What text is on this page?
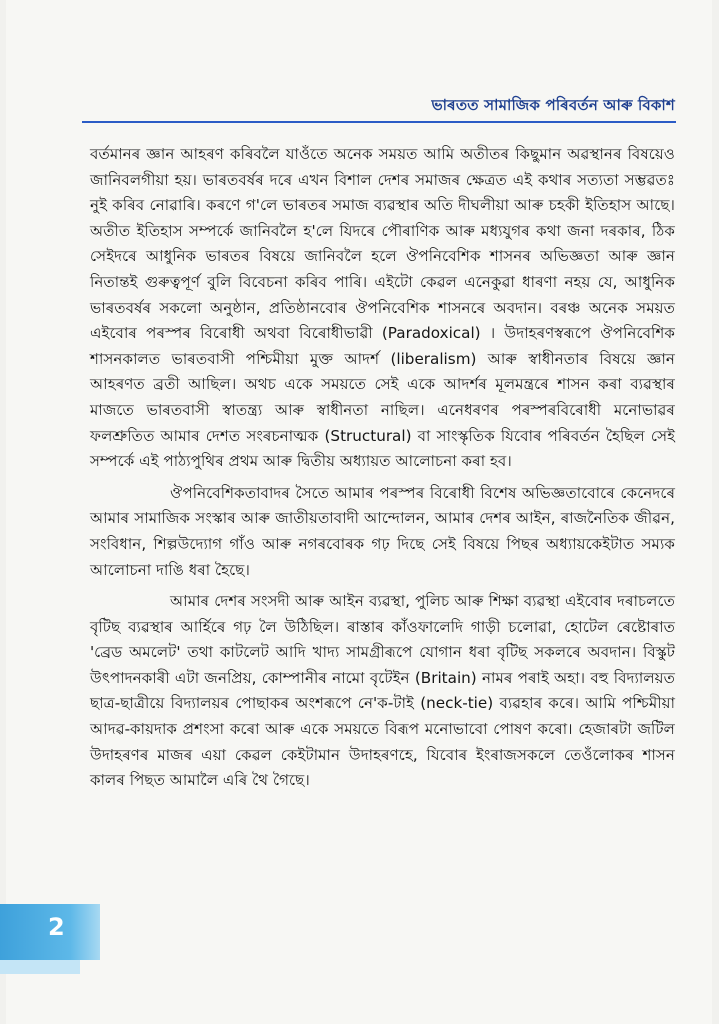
ভাৰতত সামাজিক পৰিবৰ্তন আৰু বিকাশ

বৰ্তমানৰ জ্ঞান আহৰণ কৰিবলৈ যাওঁতে অনেক সময়ত আমি অতীতৰ কিছুমান অৱস্থানৰ বিষয়েও জানিবলগীয়া হয়। ভাৰতবৰ্ষৰ দৰে এখন বিশাল দেশৰ সমাজৰ ক্ষেত্ৰত এই কথাৰ সত্যতা সম্ভৱতঃ নুই কৰিব নোৱাৰি। কৰণে গ'লে ভাৰতৰ সমাজ ব্যৱস্থাৰ অতি দীঘলীয়া আৰু চহকী ইতিহাস আছে। অতীত ইতিহাস সম্পৰ্কে জানিবলৈ হ'লে যিদৰে পৌৰাণিক আৰু মধ্যযুগৰ কথা জনা দৰকাৰ, ঠিক সেইদৰে আধুনিক ভাৰতৰ বিষয়ে জানিবলৈ হলে ঔপনিবেশিক শাসনৰ অভিজ্ঞতা আৰু জ্ঞান নিতান্তই গুৰুত্বপূৰ্ণ বুলি বিবেচনা কৰিব পাৰি। এইটো কেৱল এনেকুৱা ধাৰণা নহয় যে, আধুনিক ভাৰতবৰ্ষৰ সকলো অনুষ্ঠান, প্ৰতিষ্ঠানবোৰ ঔপনিবেশিক শাসনৰে অবদান। বৰঞ্চ অনেক সময়ত এইবোৰ পৰস্পৰ বিৰোধী অথবা বিৰোধীভাৱী (Paradoxical) । উদাহৰণস্বৰূপে ঔপনিবেশিক শাসনকালত ভাৰতবাসী পশ্চিমীয়া মুক্ত আদৰ্শ (liberalism) আৰু স্বাধীনতাৰ বিষয়ে জ্ঞান আহৰণত ব্ৰতী আছিল। অথচ একে সময়তে সেই একে আদৰ্শৰ মূলমন্ত্ৰৰে শাসন কৰা ব্যৱস্থাৰ মাজতে ভাৰতবাসী স্বাতন্ত্ৰ্য আৰু স্বাধীনতা নাছিল। এনেধৰণৰ পৰস্পৰবিৰোধী মনোভাৱৰ ফলশ্ৰুতিত আমাৰ দেশত সংৰচনাত্মক (Structural) বা সাংস্কৃতিক যিবোৰ পৰিবৰ্তন হৈছিল সেই সম্পৰ্কে এই পাঠ্যপুথিৰ প্ৰথম আৰু দ্বিতীয় অধ্যায়ত আলোচনা কৰা হব।

ঔপনিবেশিকতাবাদৰ সৈতে আমাৰ পৰস্পৰ বিৰোধী বিশেষ অভিজ্ঞতাবোৰে কেনেদৰে আমাৰ সামাজিক সংস্কাৰ আৰু জাতীয়তাবাদী আন্দোলন, আমাৰ দেশৰ আইন, ৰাজনৈতিক জীৱন, সংবিধান, শিল্পউদ্যোগ গাঁও আৰু নগৰবোৰক গঢ় দিছে সেই বিষয়ে পিছৰ অধ্যায়কেইটাত সম্যক আলোচনা দাঙি ধৰা হৈছে।

আমাৰ দেশৰ সংসদী আৰু আইন ব্যৱস্থা, পুলিচ আৰু শিক্ষা ব্যৱস্থা এইবোৰ দৰাচলতে বৃটিছ ব্যৱস্থাৰ আৰ্হিৰে গঢ় লৈ উঠিছিল। ৰাস্তাৰ কাঁওফালেদি গাড়ী চলোৱা, হোটেল ৰেষ্টোৰাত 'ব্ৰেড অমলেট' তথা কাটলেট আদি খাদ্য সামগ্ৰীৰূপে যোগান ধৰা বৃটিছ সকলৰে অবদান। বিস্কুট উৎপাদনকাৰী এটা জনপ্ৰিয়, কোম্পানীৰ নামো বৃটেইন (Britain) নামৰ পৰাই অহা। বহু বিদ্যালয়ত ছাত্ৰ-ছাত্ৰীয়ে বিদ্যালয়ৰ পোছাকৰ অংশৰূপে নে'ক-টাই (neck-tie) ব্যৱহাৰ কৰে। আমি পশ্চিমীয়া আদৱ-কায়দাক প্ৰশংসা কৰো আৰু একে সময়তে বিৰূপ মনোভাবো পোষণ কৰো। হেজাৰটা জটিল উদাহৰণৰ মাজৰ এয়া কেৱল কেইটামান উদাহৰণহে, যিবোৰ ইংৰাজসকলে তেওঁলোকৰ শাসন কালৰ পিছত আমালৈ এৰি থৈ গৈছে।

2
